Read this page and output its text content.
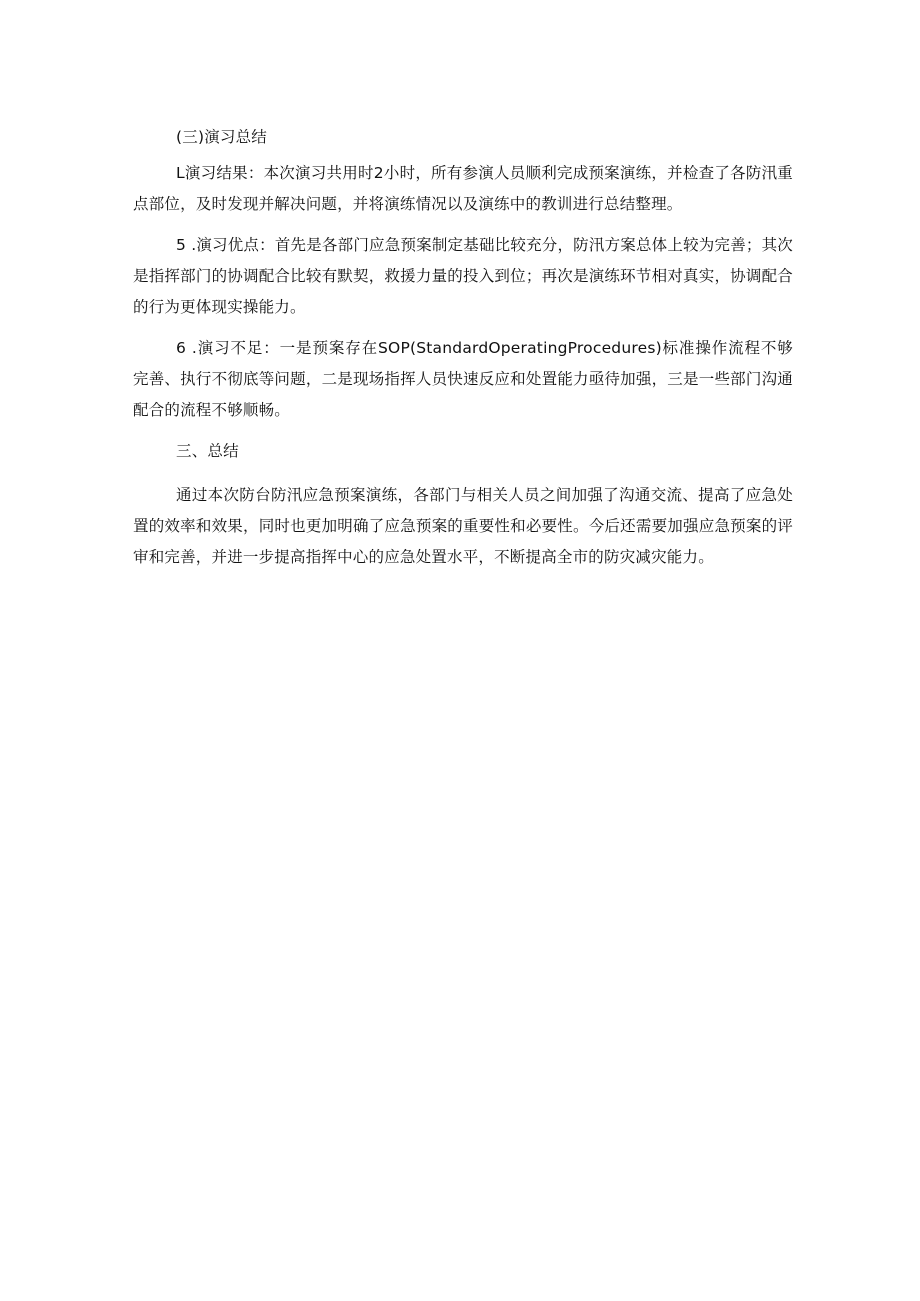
(三)演习总结

L演习结果：本次演习共用时2小时，所有参演人员顺利完成预案演练，并检查了各防汛重点部位，及时发现并解决问题，并将演练情况以及演练中的教训进行总结整理。

5 .演习优点：首先是各部门应急预案制定基础比较充分，防汛方案总体上较为完善；其次是指挥部门的协调配合比较有默契，救援力量的投入到位；再次是演练环节相对真实，协调配合的行为更体现实操能力。

6 .演习不足：一是预案存在SOP(StandardOperatingProcedures)标准操作流程不够完善、执行不彻底等问题，二是现场指挥人员快速反应和处置能力亟待加强，三是一些部门沟通配合的流程不够顺畅。

三、总结

通过本次防台防汛应急预案演练，各部门与相关人员之间加强了沟通交流、提高了应急处置的效率和效果，同时也更加明确了应急预案的重要性和必要性。今后还需要加强应急预案的评审和完善，并进一步提高指挥中心的应急处置水平，不断提高全市的防灾减灾能力。
